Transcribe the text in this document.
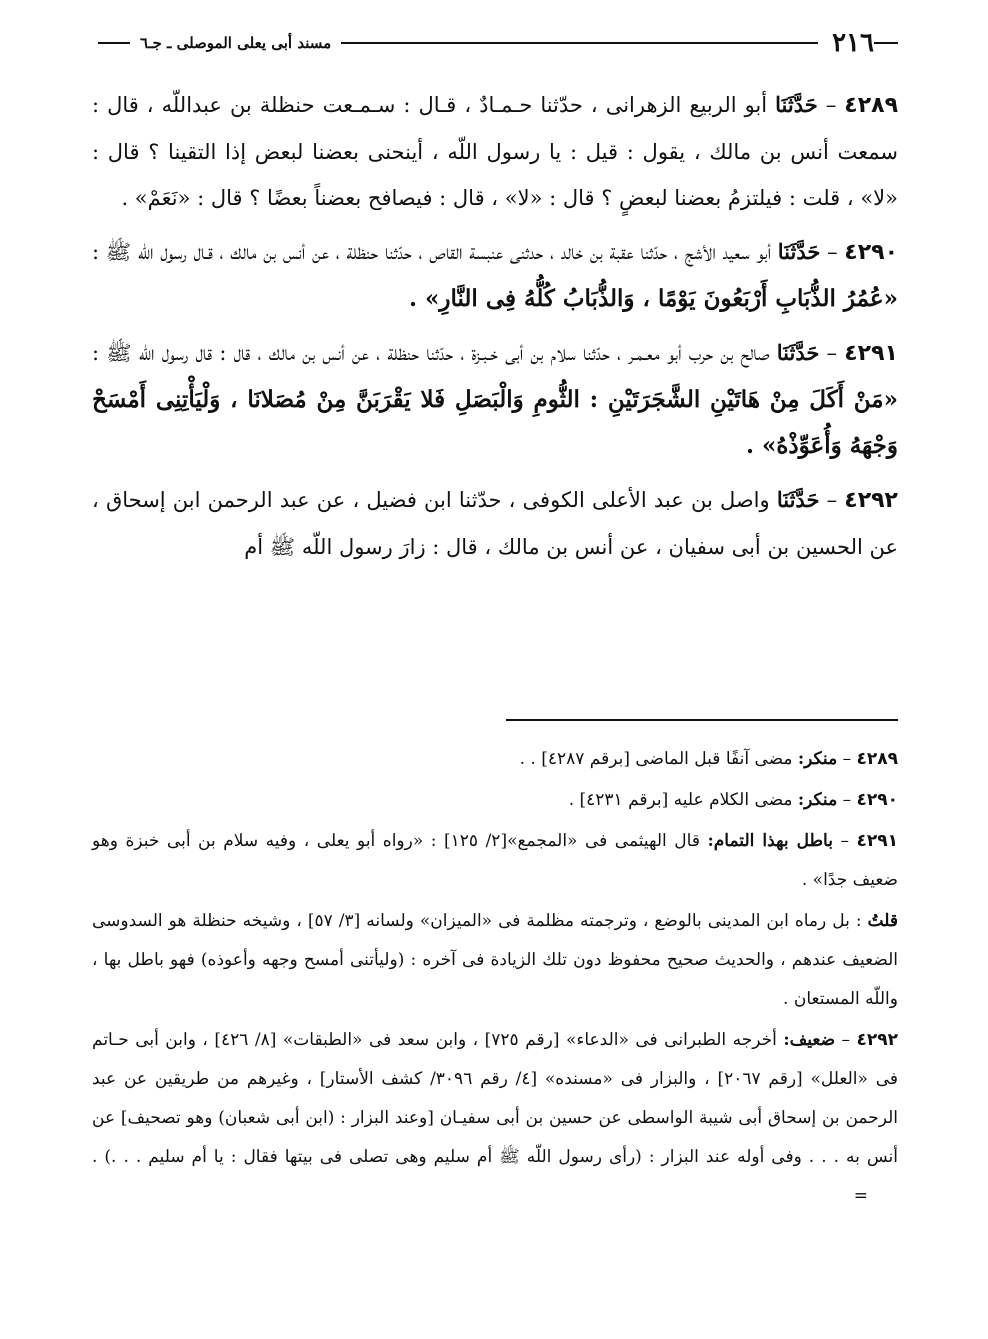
٢١٦
مسند أبى يعلى الموصلى ـ جـ٦

٤٢٨٩ – حَدَّثَنَا أبو الربيع الزهرانى ، حدّثنا حـمـادٌ ، قـال : سـمـعت حنظلة بن عبداللّه ، قال : سمعت أنس بن مالك ، يقول : قيل : يا رسول اللّه ، أينحنى بعضنا لبعض إذا التقينا ؟ قال : «لا» ، قلت : فيلتزمُ بعضنا لبعضٍ ؟ قال : «لا» ، قال : فيصافح بعضناً بعضًا ؟ قال : «نَعَمْ» .

٤٢٩٠ – حَدَّثَنَا أبو سعيد الأشج ، حدّثنا عقبة بن خالد ، حدثنى عنبسة القاص ، حدّثنا حنظلة ، عن أنس بن مالك ، قـال رسول اللّه ﷺ : «عُمُرُ الذُّبَابِ أَرْبَعُونَ يَوْمًا ، وَالذُّبَابُ كُلُّهُ فِى النَّارِ» .

٤٢٩١ – حَدَّثَنَا صالح بن حرب أبو معـمـر ، حدّثنا سلام بن أبى خـبـزة ، حدّثنا حنظلة ، عن أنس بن مالك ، قال : قال رسول اللّه ﷺ : «مَنْ أَكَلَ مِنْ هَاتَيْنِ الشَّجَرَتَيْنِ : الثُّومِ وَالْبَصَلِ فَلا يَقْرَبَنَّ مِنْ مُصَلانَا ، وَلْيَأْتِنِى أَمْسَحْ وَجْهَهُ وَأُعَوِّذْهُ» .

٤٢٩٢ – حَدَّثَنَا واصل بن عبد الأعلى الكوفى ، حدّثنا ابن فضيل ، عن عبد الرحمن ابن إسحاق ، عن الحسين بن أبى سفيان ، عن أنس بن مالك ، قال : زارَ رسول اللّه ﷺ أم

٤٢٨٩ – منكر: مضى آنفًا قبل الماضى [برقم ٤٢٨٧] . .

٤٢٩٠ – منكر: مضى الكلام عليه [برقم ٤٢٣١] .

٤٢٩١ – باطل بهذا التمام: قال الهيثمى فى «المجمع»[٢/ ١٢٥] : «رواه أبو يعلى ، وفيه سلام بن أبى خبزة وهو ضعيف جدًا» .

قلتُ : بل رماه ابن المدينى بالوضع ، وترجمته مظلمة فى «الميزان» ولسانه [٣/ ٥٧] ، وشيخه حنظلة هو السدوسى الضعيف عندهم ، والحديث صحيح محفوظ دون تلك الزيادة فى آخره : (وليأتنى أمسح وجهه وأعوذه) فهو باطل بها ، واللّه المستعان .

٤٢٩٢ – ضعيف: أخرجه الطبرانى فى «الدعاء» [رقم ٧٢٥] ، وابن سعد فى «الطبقات» [٨/ ٤٢٦] ، وابن أبى حـاتم فى «العلل» [رقم ٢٠٦٧] ، والبزار فى «مسنده» [٤/ رقم ٣٠٩٦/ كشف الأستار] ، وغيرهم من طريقين عن عبد الرحمن بن إسحاق أبى شيبة الواسطى عن حسين بن أبى سفيـان [وعند البزار : (ابن أبى شعبان) وهو تصحيف] عن أنس به . . . وفى أوله عند البزار : (رأى رسول اللّه ﷺ أم سليم وهى تصلى فى بيتها فقال : يا أم سليم . . .) . =
